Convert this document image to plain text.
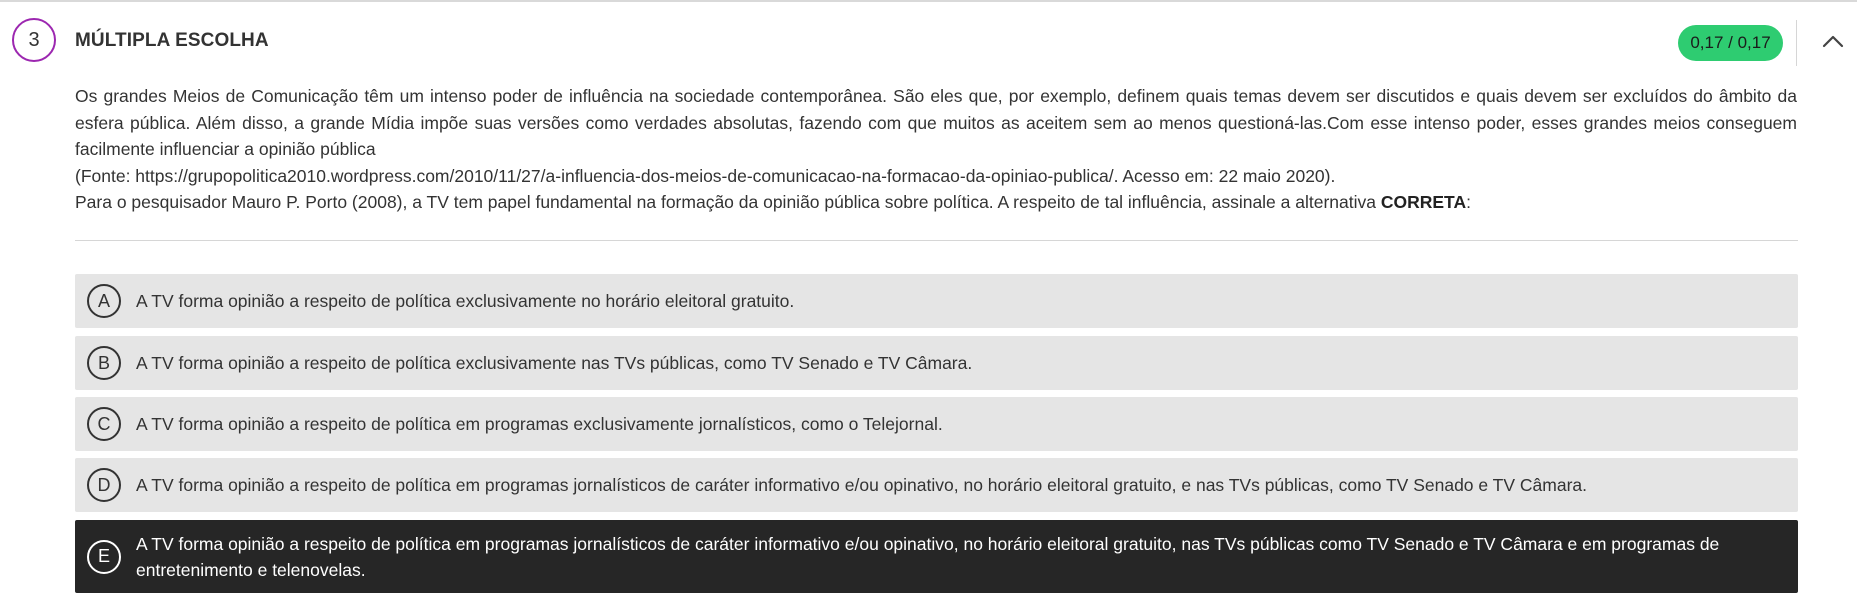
3	MÚLTIPLA ESCOLHA	0,17 / 0,17

Os grandes Meios de Comunicação têm um intenso poder de influência na sociedade contemporânea. São eles que, por exemplo, definem quais temas devem ser discutidos e quais devem ser excluídos do âmbito da esfera pública. Além disso, a grande Mídia impõe suas versões como verdades absolutas, fazendo com que muitos as aceitem sem ao menos questioná-las.Com esse intenso poder, esses grandes meios conseguem facilmente influenciar a opinião pública

(Fonte: https://grupopolitica2010.wordpress.com/2010/11/27/a-influencia-dos-meios-de-comunicacao-na-formacao-da-opiniao-publica/. Acesso em: 22 maio 2020).

Para o pesquisador Mauro P. Porto (2008), a TV tem papel fundamental na formação da opinião pública sobre política. A respeito de tal influência, assinale a alternativa CORRETA:

A	A TV forma opinião a respeito de política exclusivamente no horário eleitoral gratuito.
B	A TV forma opinião a respeito de política exclusivamente nas TVs públicas, como TV Senado e TV Câmara.
C	A TV forma opinião a respeito de política em programas exclusivamente jornalísticos, como o Telejornal.
D	A TV forma opinião a respeito de política em programas jornalísticos de caráter informativo e/ou opinativo, no horário eleitoral gratuito, e nas TVs públicas, como TV Senado e TV Câmara.
E
A TV forma opinião a respeito de política em programas jornalísticos de caráter informativo e/ou opinativo, no horário eleitoral gratuito, nas TVs públicas como TV Senado e TV Câmara e em programas de entretenimento e telenovelas.
